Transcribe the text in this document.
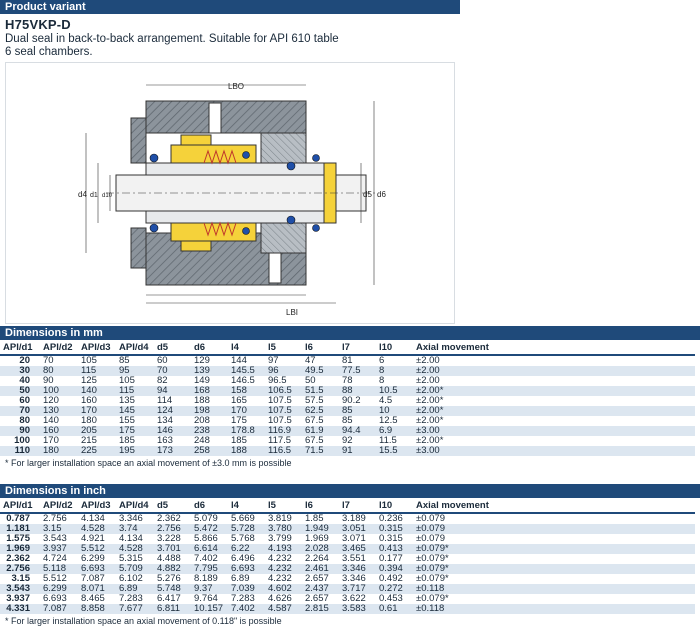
Product variant
H75VKP-D
Dual seal in back-to-back arrangement. Suitable for API 610 table 6 seal chambers.
LBO
LBI
d4 d1 d10	d5 d6
Dimensions in mm
API/d1	API/d2	API/d3	API/d4	d5	d6	l4	l5	l6	l7	l10	Axial movement
20	70	105	85	60	129	144	97	47	81	6	±2.00
30	80	115	95	70	139	145.5	96	49.5	77.5	8	±2.00
40	90	125	105	82	149	146.5	96.5	50	78	8	±2.00
50	100	140	115	94	168	158	106.5	51.5	88	10.5	±2.00*
60	120	160	135	114	188	165	107.5	57.5	90.2	4.5	±2.00*
70	130	170	145	124	198	170	107.5	62.5	85	10	±2.00*
80	140	180	155	134	208	175	107.5	67.5	85	12.5	±2.00*
90	160	205	175	146	238	178.8	116.9	61.9	94.4	6.9	±3.00
100	170	215	185	163	248	185	117.5	67.5	92	11.5	±2.00*
110	180	225	195	173	258	188	116.5	71.5	91	15.5	±3.00
* For larger installation space an axial movement of ±3.0 mm is possible
Dimensions in inch
API/d1	API/d2	API/d3	API/d4	d5	d6	l4	l5	l6	l7	l10	Axial movement
0.787	2.756	4.134	3.346	2.362	5.079	5.669	3.819	1.85	3.189	0.236	±0.079
1.181	3.15	4.528	3.74	2.756	5.472	5.728	3.780	1.949	3.051	0.315	±0.079
1.575	3.543	4.921	4.134	3.228	5.866	5.768	3.799	1.969	3.071	0.315	±0.079
1.969	3.937	5.512	4.528	3.701	6.614	6.22	4.193	2.028	3.465	0.413	±0.079*
2.362	4.724	6.299	5.315	4.488	7.402	6.496	4.232	2.264	3.551	0.177	±0.079*
2.756	5.118	6.693	5.709	4.882	7.795	6.693	4.232	2.461	3.346	0.394	±0.079*
3.15	5.512	7.087	6.102	5.276	8.189	6.89	4.232	2.657	3.346	0.492	±0.079*
3.543	6.299	8.071	6.89	5.748	9.37	7.039	4.602	2.437	3.717	0.272	±0.118
3.937	6.693	8.465	7.283	6.417	9.764	7.283	4.626	2.657	3.622	0.453	±0.079*
4.331	7.087	8.858	7.677	6.811	10.157	7.402	4.587	2.815	3.583	0.61	±0.118
* For larger installation space an axial movement of 0.118" is possible
